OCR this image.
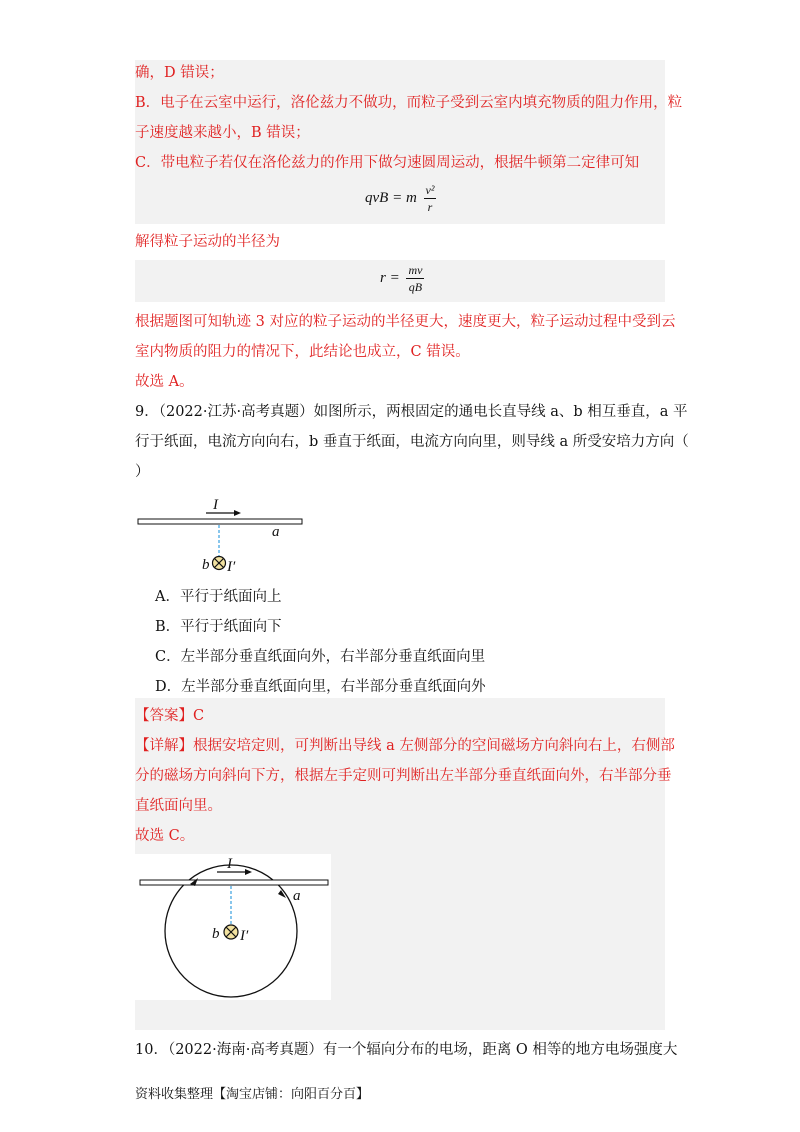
确，D 错误；
B．电子在云室中运行，洛伦兹力不做功，而粒子受到云室内填充物质的阻力作用，粒
子速度越来越小，B 错误；
C．带电粒子若仅在洛伦兹力的作用下做匀速圆周运动，根据牛顿第二定律可知
qvB = m $\frac{\text{v²}}{r}$
解得粒子运动的半径为
$r = \frac{mv}{qB}$
根据题图可知轨迹 3 对应的粒子运动的半径更大，速度更大，粒子运动过程中受到云
室内物质的阻力的情况下，此结论也成立，C 错误。
故选 A。
9．（2022·江苏·高考真题）如图所示，两根固定的通电长直导线 a、b 相互垂直，a 平
行于纸面，电流方向向右，b 垂直于纸面，电流方向向里，则导线 a 所受安培力方向（
）
I
a
b I′
A．平行于纸面向上
B．平行于纸面向下
C．左半部分垂直纸面向外，右半部分垂直纸面向里
D．左半部分垂直纸面向里，右半部分垂直纸面向外
【答案】C
【详解】根据安培定则，可判断出导线 a 左侧部分的空间磁场方向斜向右上，右侧部
分的磁场方向斜向下方，根据左手定则可判断出左半部分垂直纸面向外，右半部分垂
直纸面向里。
故选 C。
I
a
b I′
10．（2022·海南·高考真题）有一个辐向分布的电场，距离 O 相等的地方电场强度大
资料收集整理【淘宝店铺：向阳百分百】
